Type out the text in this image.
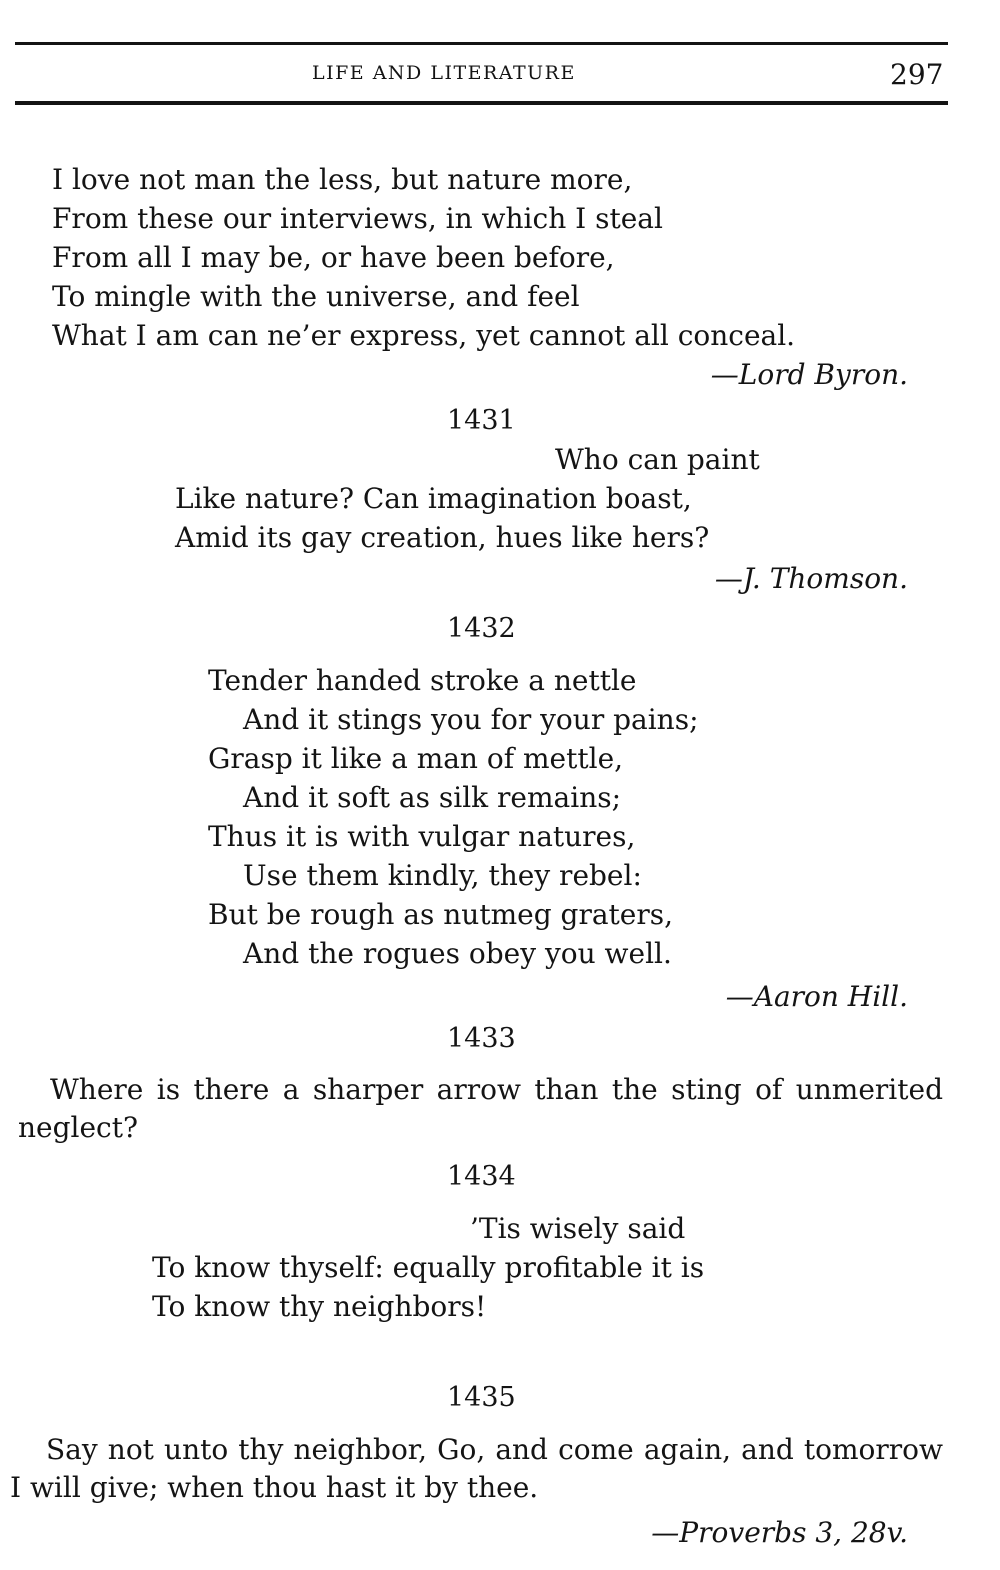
LIFE AND LITERATURE	297
I love not man the less, but nature more,
From these our interviews, in which I steal
From all I may be, or have been before,
To mingle with the universe, and feel
What I am can ne’er express, yet cannot all conceal.
—Lord Byron.
1431
Who can paint
Like nature? Can imagination boast,
Amid its gay creation, hues like hers?
—J. Thomson.
1432
Tender handed stroke a nettle
And it stings you for your pains;
Grasp it like a man of mettle,
And it soft as silk remains;
Thus it is with vulgar natures,
Use them kindly, they rebel:
But be rough as nutmeg graters,
And the rogues obey you well.
—Aaron Hill.
1433
Where is there a sharper arrow than the sting of unmerited neglect?
1434
’Tis wisely said
To know thyself: equally profitable it is
To know thy neighbors!
1435
Say not unto thy neighbor, Go, and come again, and tomorrow I will give; when thou hast it by thee.
—Proverbs 3, 28v.
